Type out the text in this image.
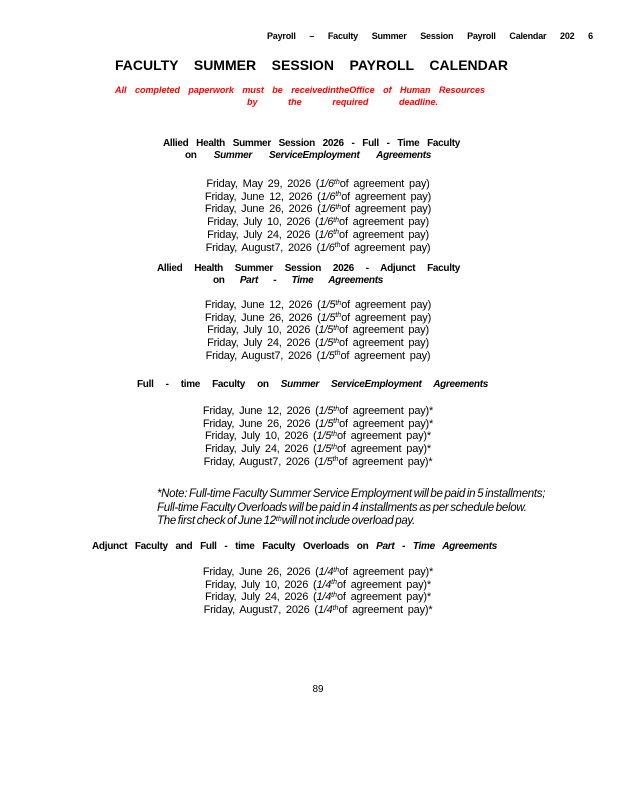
Payroll – Faculty Summer Session Payroll Calendar 202 6
FACULTY SUMMER SESSION PAYROLL CALENDAR
All completed paperwork must be receivedintheOffice of Human Resources
by the required deadline.
Allied Health Summer Session 2026 - Full - Time Faculty
on Summer ServiceEmployment Agreements
Friday, May 29, 2026 (1/6thof agreement pay)
Friday, June 12, 2026 (1/6thof agreement pay)
Friday, June 26, 2026 (1/6thof agreement pay)
Friday, July 10, 2026 (1/6thof agreement pay)
Friday, July 24, 2026 (1/6thof agreement pay)
Friday, August7, 2026 (1/6thof agreement pay)
Allied Health Summer Session 2026 - Adjunct Faculty
on Part - Time Agreements
Friday, June 12, 2026 (1/5thof agreement pay)
Friday, June 26, 2026 (1/5thof agreement pay)
Friday, July 10, 2026 (1/5thof agreement pay)
Friday, July 24, 2026 (1/5thof agreement pay)
Friday, August7, 2026 (1/5thof agreement pay)
Full - time Faculty on Summer ServiceEmployment Agreements
Friday, June 12, 2026 (1/5thof agreement pay)*
Friday, June 26, 2026 (1/5thof agreement pay)*
Friday, July 10, 2026 (1/5thof agreement pay)*
Friday, July 24, 2026 (1/5thof agreement pay)*
Friday, August7, 2026 (1/5thof agreement pay)*
*Note: Full-time Faculty Summer Service Employment will be paid in 5 installments;
Full-time Faculty Overloads will be paid in 4 installments as per schedule below.
The first check of June 12thwill not include overload pay.
Adjunct Faculty and Full - time Faculty Overloads on Part - Time Agreements
Friday, June 26, 2026 (1/4thof agreement pay)*
Friday, July 10, 2026 (1/4thof agreement pay)*
Friday, July 24, 2026 (1/4thof agreement pay)*
Friday, August7, 2026 (1/4thof agreement pay)*
89
